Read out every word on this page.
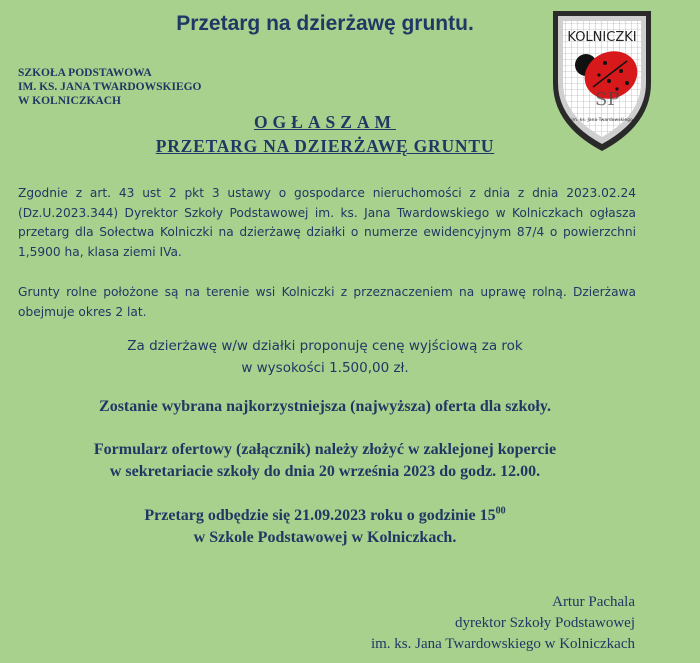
Przetarg na dzierżawę gruntu.
SZKOŁA PODSTAWOWA
IM. KS. JANA TWARDOWSKIEGO
W KOLNICZKACH
KOLNICZKI
SP
im. ks. Jana Twardowskiego
OGŁASZAM
PRZETARG NA DZIERŻAWĘ GRUNTU
Zgodnie z art. 43 ust 2 pkt 3 ustawy o gospodarce nieruchomości z dnia z dnia 2023.02.24 (Dz.U.2023.344) Dyrektor Szkoły Podstawowej im. ks. Jana Twardowskiego w Kolniczkach ogłasza przetarg dla Sołectwa Kolniczki na dzierżawę działki o numerze ewidencyjnym 87/4 o powierzchni 1,5900 ha, klasa ziemi IVa.
Grunty rolne położone są na terenie wsi Kolniczki z przeznaczeniem na uprawę rolną. Dzierżawa obejmuje okres 2 lat.
Za dzierżawę w/w działki proponuję cenę wyjściową za rok
w wysokości 1.500,00 zł.
Zostanie wybrana najkorzystniejsza (najwyższa) oferta dla szkoły.
Formularz ofertowy (załącznik) należy złożyć w zaklejonej kopercie
w sekretariacie szkoły do dnia 20 września 2023 do godz. 12.00.
Przetarg odbędzie się 21.09.2023 roku o godzinie $15^{00}$
w Szkole Podstawowej w Kolniczkach.
Artur Pachala
dyrektor Szkoły Podstawowej
im. ks. Jana Twardowskiego w Kolniczkach
